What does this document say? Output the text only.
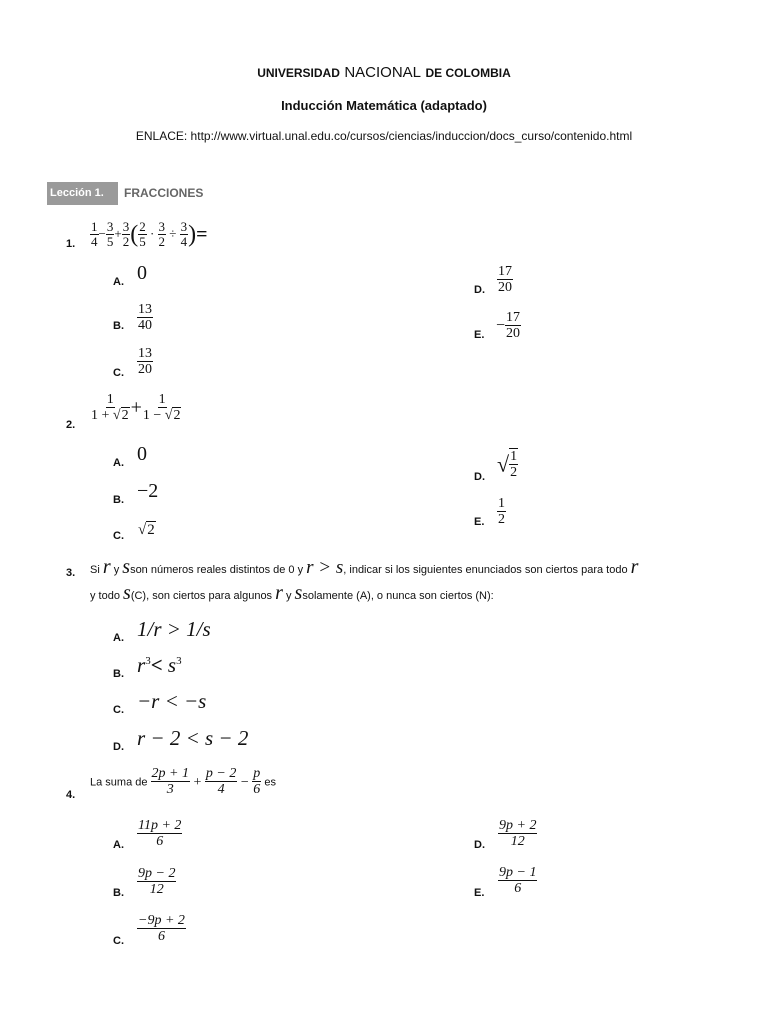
UNIVERSIDAD NACIONAL DE COLOMBIA
Inducción Matemática (adaptado)
ENLACE: http://www.virtual.unal.edu.co/cursos/ciencias/induccion/docs_curso/contenido.html
Lección 1.	FRACCIONES
1. $\frac{1}{4} - \frac{3}{5} + \frac{3}{2}$ ( $\frac{2}{5} \cdot \frac{3}{2} \div \frac{3}{4}$ )=
A. 0
B. $\frac{13}{40}$
C. $\frac{13}{20}$
D. $\frac{17}{20}$
E.
− $\frac{17}{20}$
2.
$\frac{1}{1 + √2} + \frac{1}{1 - √2}$
A. 0
B. −2
C. √2
D.
√ $\frac{1}{2}$
E. $\frac{1}{2}$
3. Si r y sson números reales distintos de 0 y r > s, indicar si los siguientes enunciados son ciertos para todo r
y todo s(C), son ciertos para algunos r y ssolamente (A), o nunca son ciertos (N):
A. 1/r > 1/s
B. $r^3< s^3$
C. −r < −s
D. r − 2 < s − 2
4.
La suma de $\frac{2p + 1}{3} + \frac{p - 2}{4} - \frac{p}{6}$ es
A. $\frac{11p + 2}{6}$
B. $\frac{9p - 2}{12}$
C. $\frac{-9p + 2}{6}$
D. $\frac{9p + 2}{12}$
E. $\frac{9p - 1}{6}$
